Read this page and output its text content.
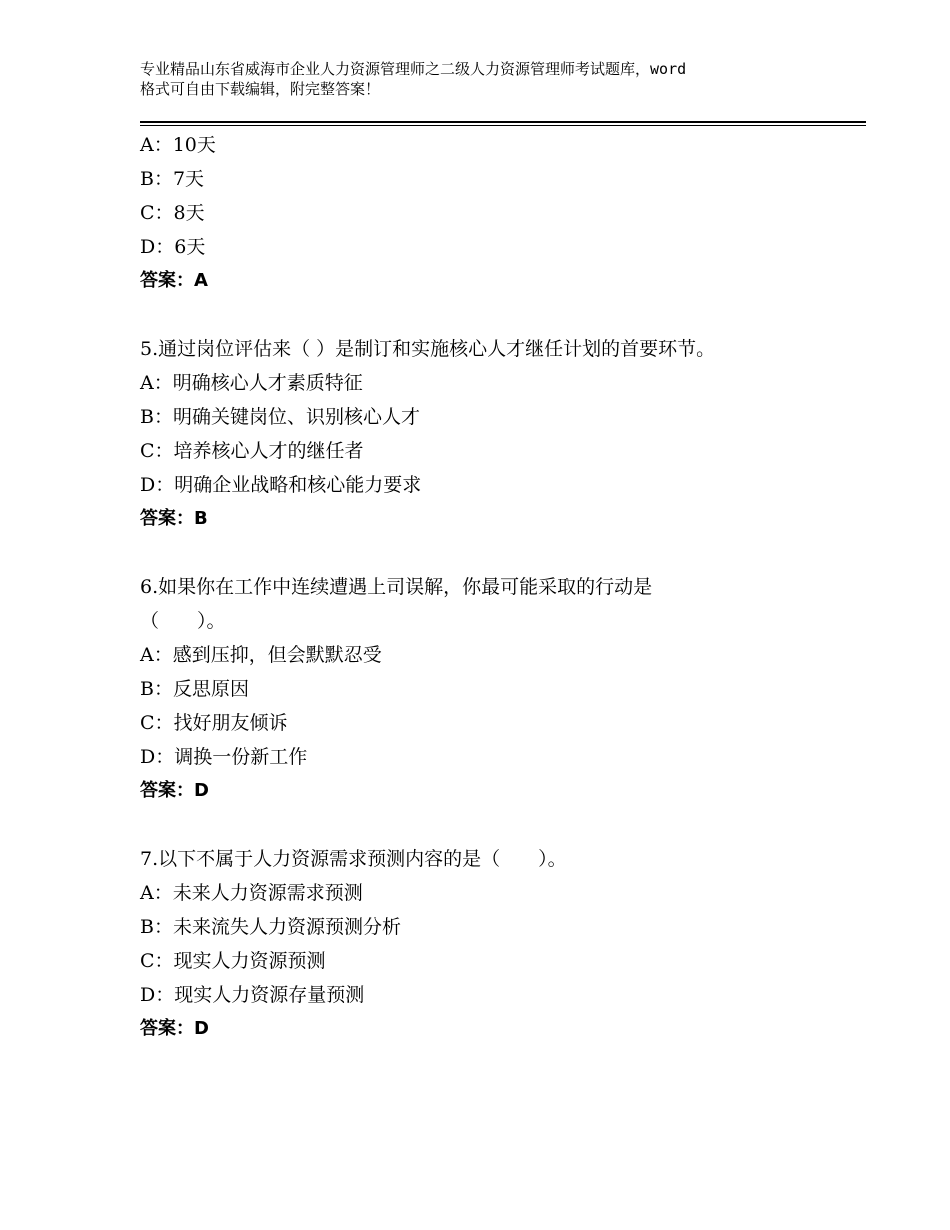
专业精品山东省威海市企业人力资源管理师之二级人力资源管理师考试题库，word
格式可自由下载编辑，附完整答案！
A：10天
B：7天
C：8天
D：6天
答案：A
5.通过岗位评估来（ ）是制订和实施核心人才继任计划的首要环节。
A：明确核心人才素质特征
B：明确关键岗位、识别核心人才
C：培养核心人才的继任者
D：明确企业战略和核心能力要求
答案：B
6.如果你在工作中连续遭遇上司误解，你最可能采取的行动是
（　　）。
A：感到压抑，但会默默忍受
B：反思原因
C：找好朋友倾诉
D：调换一份新工作
答案：D
7.以下不属于人力资源需求预测内容的是（　　）。
A：未来人力资源需求预测
B：未来流失人力资源预测分析
C：现实人力资源预测
D：现实人力资源存量预测
答案：D
